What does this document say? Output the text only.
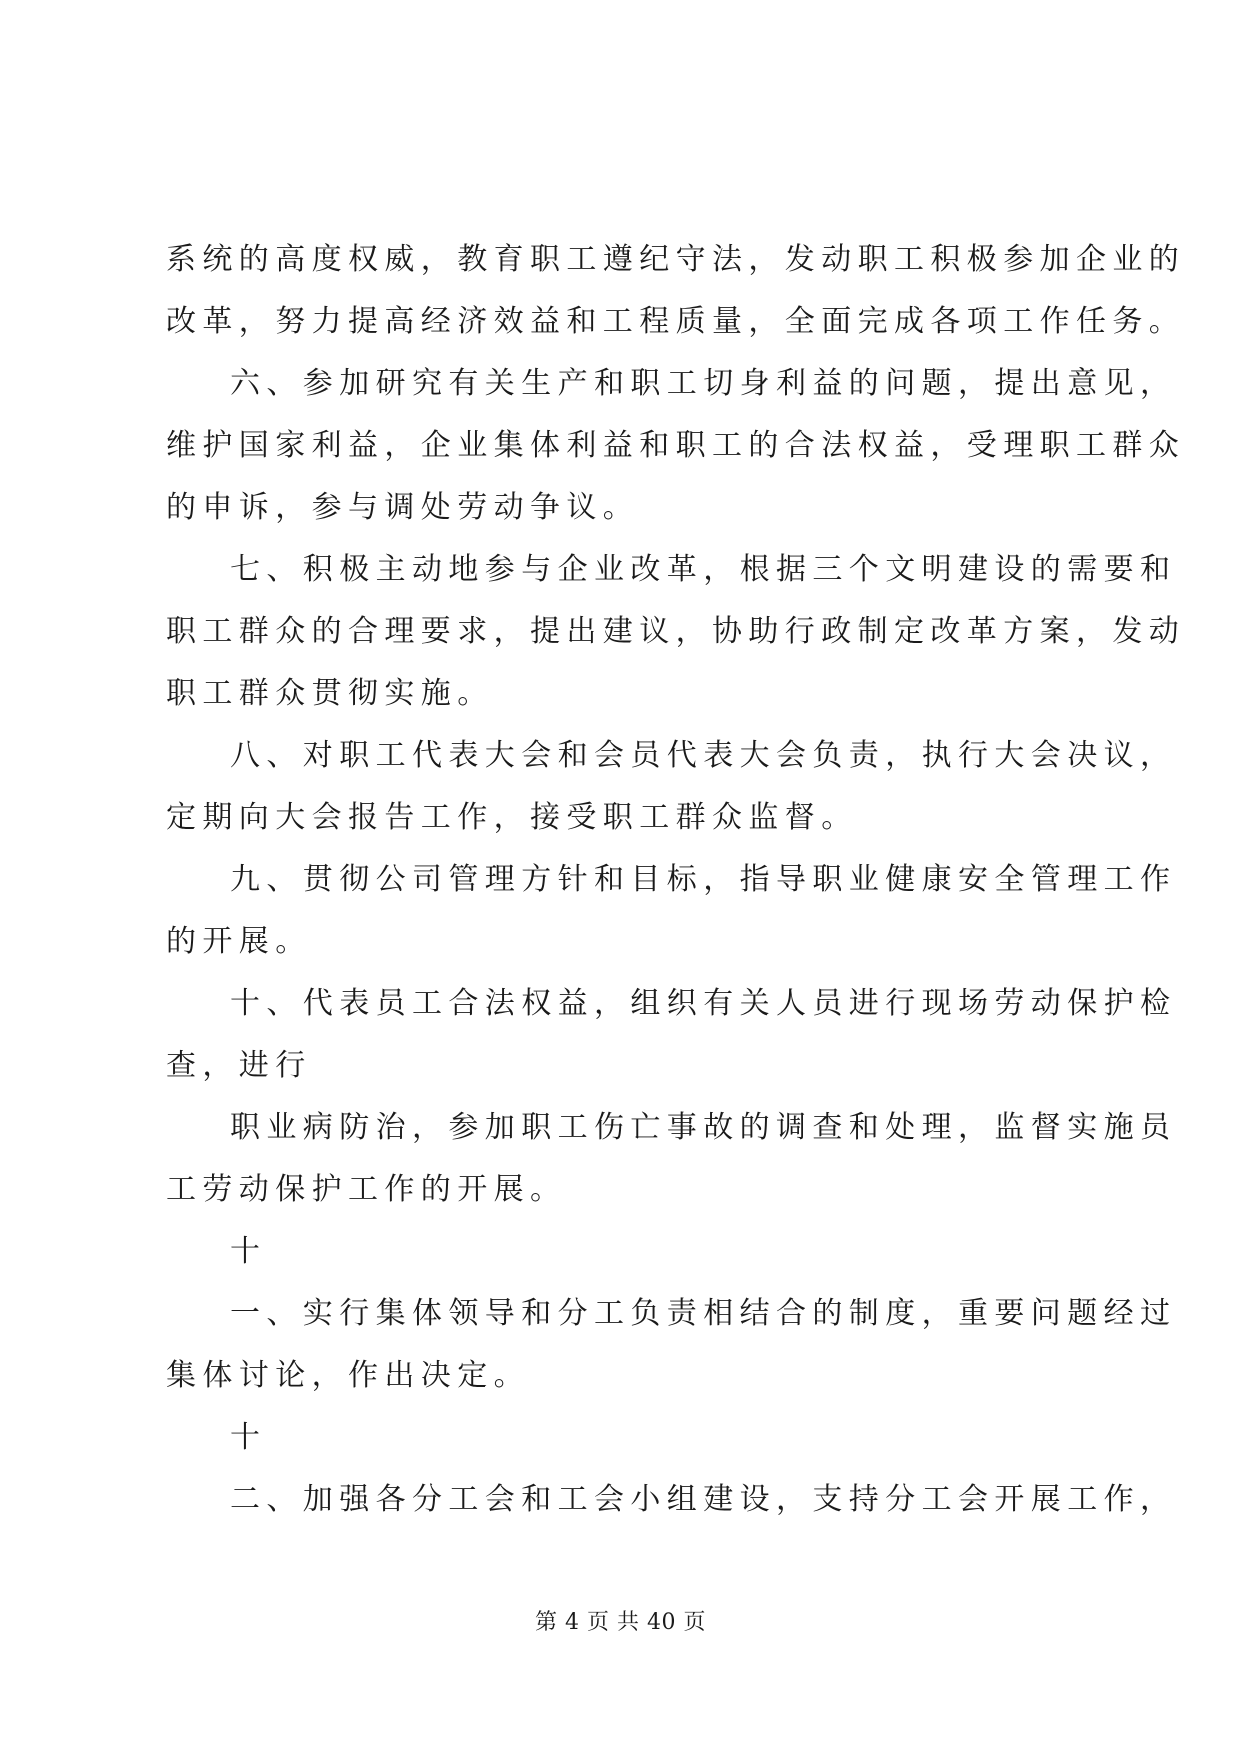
系统的高度权威，教育职工遵纪守法，发动职工积极参加企业的
改革，努力提高经济效益和工程质量，全面完成各项工作任务。
六、参加研究有关生产和职工切身利益的问题，提出意见，
维护国家利益，企业集体利益和职工的合法权益，受理职工群众
的申诉，参与调处劳动争议。
七、积极主动地参与企业改革，根据三个文明建设的需要和
职工群众的合理要求，提出建议，协助行政制定改革方案，发动
职工群众贯彻实施。
八、对职工代表大会和会员代表大会负责，执行大会决议，
定期向大会报告工作，接受职工群众监督。
九、贯彻公司管理方针和目标，指导职业健康安全管理工作
的开展。
十、代表员工合法权益，组织有关人员进行现场劳动保护检
查，进行
职业病防治，参加职工伤亡事故的调查和处理，监督实施员
工劳动保护工作的开展。
十
一、实行集体领导和分工负责相结合的制度，重要问题经过
集体讨论，作出决定。
十
二、加强各分工会和工会小组建设，支持分工会开展工作，
第 4 页 共 40 页
